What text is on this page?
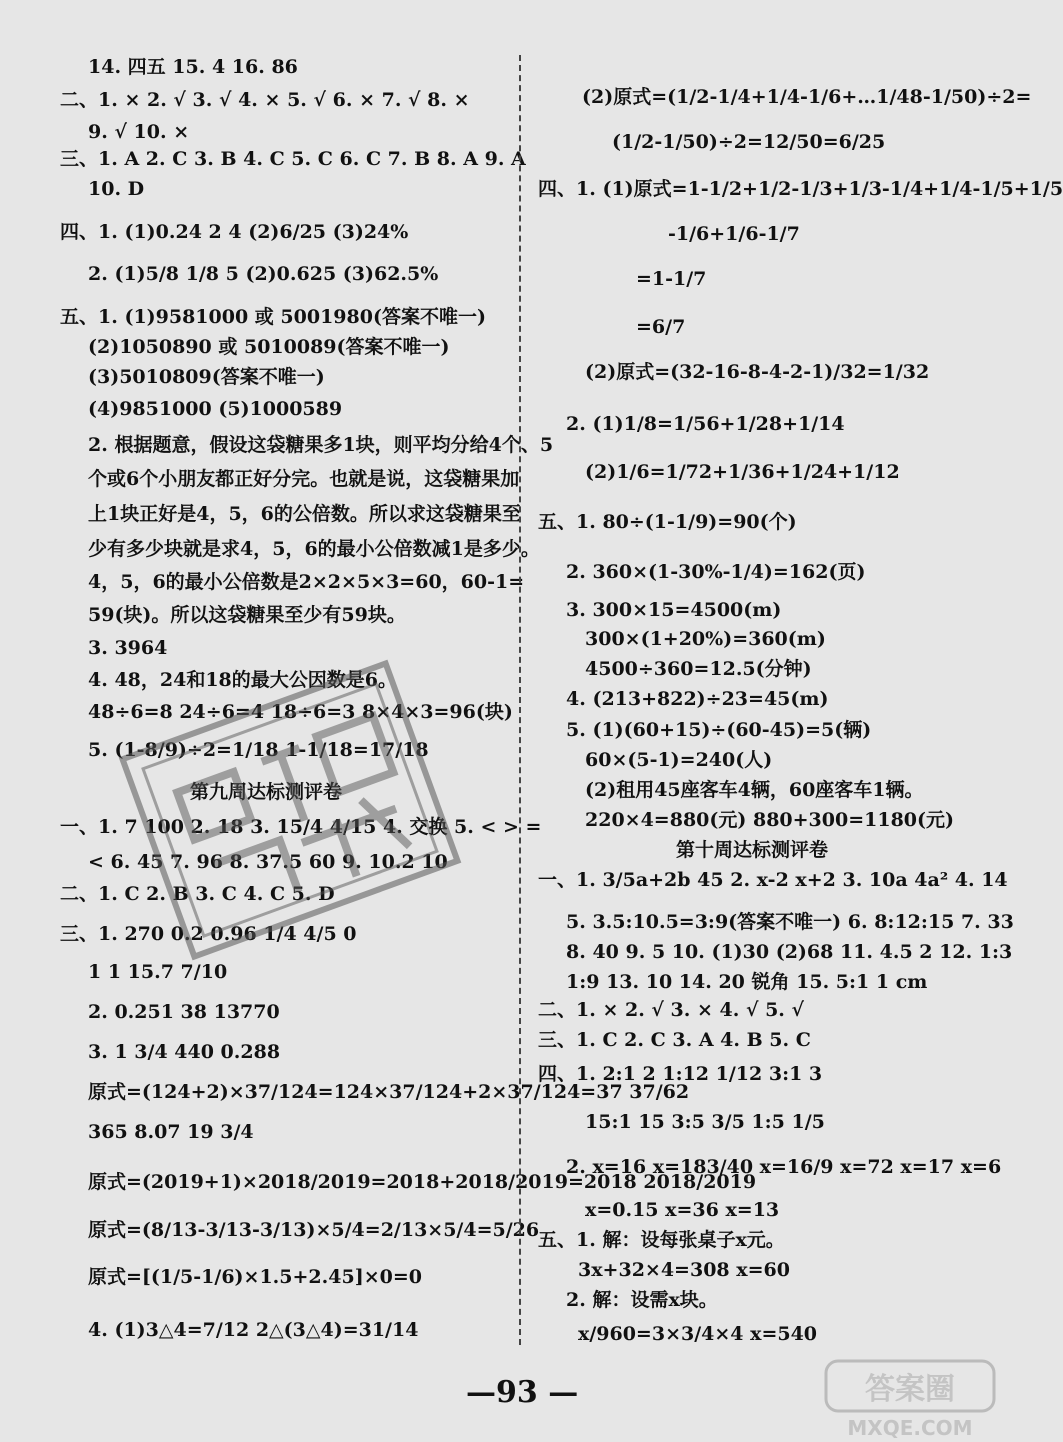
14. 四五 15. 4 16. 86
二、1. × 2. √ 3. √ 4. × 5. √ 6. × 7. √ 8. ×
9. √ 10. ×
三、1. A 2. C 3. B 4. C 5. C 6. C 7. B 8. A 9. A
10. D
四、1. (1)0.24 2 4 (2)6/25 (3)24%
2. (1)5/8 1/8 5 (2)0.625 (3)62.5%
五、1. (1)9581000 或 5001980(答案不唯一)
(2)1050890 或 5010089(答案不唯一)
(3)5010809(答案不唯一)
(4)9851000 (5)1000589
2. 根据题意，假设这袋糖果多1块，则平均分给4个、5
个或6个小朋友都正好分完。也就是说，这袋糖果加
上1块正好是4，5，6的公倍数。所以求这袋糖果至
少有多少块就是求4，5，6的最小公倍数减1是多少。
4，5，6的最小公倍数是2×2×5×3=60，60-1=
59(块)。所以这袋糖果至少有59块。
3. 3964
4. 48，24和18的最大公因数是6。
48÷6=8 24÷6=4 18÷6=3 8×4×3=96(块)
5. (1-8/9)÷2=1/18 1-1/18=17/18
第九周达标测评卷
一、1. 7 100 2. 18 3. 15/4 4/15 4. 交换 5. < > =
< 6. 45 7. 96 8. 37.5 60 9. 10.2 10
二、1. C 2. B 3. C 4. C 5. D
三、1. 270 0.2 0.96 1/4 4/5 0
1 1 15.7 7/10
2. 0.251 38 13770
3. 1 3/4 440 0.288
原式=(124+2)×37/124=124×37/124+2×37/124=37 37/62
365 8.07 19 3/4
原式=(2019+1)×2018/2019=2018+2018/2019=2018 2018/2019
原式=(8/13-3/13-3/13)×5/4=2/13×5/4=5/26
原式=[(1/5-1/6)×1.5+2.45]×0=0
4. (1)3△4=7/12 2△(3△4)=31/14
(2)原式=(1/2-1/4+1/4-1/6+…1/48-1/50)÷2=
(1/2-1/50)÷2=12/50=6/25
四、1. (1)原式=1-1/2+1/2-1/3+1/3-1/4+1/4-1/5+1/5
-1/6+1/6-1/7
=1-1/7
=6/7
(2)原式=(32-16-8-4-2-1)/32=1/32
2. (1)1/8=1/56+1/28+1/14
(2)1/6=1/72+1/36+1/24+1/12
五、1. 80÷(1-1/9)=90(个)
2. 360×(1-30%-1/4)=162(页)
3. 300×15=4500(m)
300×(1+20%)=360(m)
4500÷360=12.5(分钟)
4. (213+822)÷23=45(m)
5. (1)(60+15)÷(60-45)=5(辆)
60×(5-1)=240(人)
(2)租用45座客车4辆，60座客车1辆。
220×4=880(元) 880+300=1180(元)
第十周达标测评卷
一、1. 3/5a+2b 45 2. x-2 x+2 3. 10a 4a² 4. 14
5. 3.5:10.5=3:9(答案不唯一) 6. 8:12:15 7. 33
8. 40 9. 5 10. (1)30 (2)68 11. 4.5 2 12. 1:3
1:9 13. 10 14. 20 锐角 15. 5:1 1 cm
二、1. × 2. √ 3. × 4. √ 5. √
三、1. C 2. C 3. A 4. B 5. C
四、1. 2:1 2 1:12 1/12 3:1 3
15:1 15 3:5 3/5 1:5 1/5
2. x=16 x=183/40 x=16/9 x=72 x=17 x=6
x=0.15 x=36 x=13
五、1. 解：设每张桌子x元。
3x+32×4=308 x=60
2. 解：设需x块。
x/960=3×3/4×4 x=540
—93 —	答案圈
MXQE.COM
